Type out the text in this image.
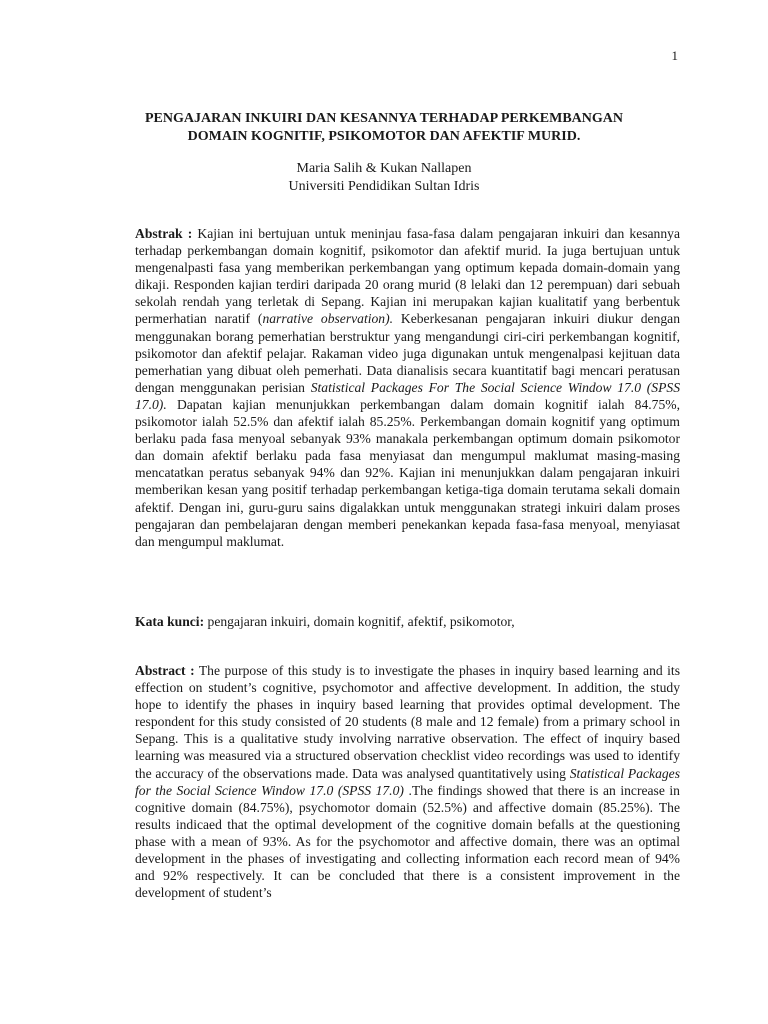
1
PENGAJARAN INKUIRI DAN KESANNYA TERHADAP PERKEMBANGAN
DOMAIN KOGNITIF, PSIKOMOTOR DAN AFEKTIF MURID.
Maria Salih & Kukan Nallapen
Universiti Pendidikan Sultan Idris
Abstrak : Kajian ini bertujuan untuk meninjau fasa-fasa dalam pengajaran inkuiri dan kesannya terhadap perkembangan domain kognitif, psikomotor dan afektif murid. Ia juga bertujuan untuk mengenalpasti fasa yang memberikan perkembangan yang optimum kepada domain-domain yang dikaji. Responden kajian terdiri daripada 20 orang murid (8 lelaki dan 12 perempuan) dari sebuah sekolah rendah yang terletak di Sepang. Kajian ini merupakan kajian kualitatif yang berbentuk permerhatian naratif (narrative observation). Keberkesanan pengajaran inkuiri diukur dengan menggunakan borang pemerhatian berstruktur yang mengandungi ciri-ciri perkembangan kognitif, psikomotor dan afektif pelajar. Rakaman video juga digunakan untuk mengenalpasi kejituan data pemerhatian yang dibuat oleh pemerhati. Data dianalisis secara kuantitatif bagi mencari peratusan dengan menggunakan perisian Statistical Packages For The Social Science Window 17.0 (SPSS 17.0). Dapatan kajian menunjukkan perkembangan dalam domain kognitif ialah 84.75%, psikomotor ialah 52.5% dan afektif ialah 85.25%. Perkembangan domain kognitif yang optimum berlaku pada fasa menyoal sebanyak 93% manakala perkembangan optimum domain psikomotor dan domain afektif berlaku pada fasa menyiasat dan mengumpul maklumat masing-masing mencatatkan peratus sebanyak 94% dan 92%. Kajian ini menunjukkan dalam pengajaran inkuiri memberikan kesan yang positif terhadap perkembangan ketiga-tiga domain terutama sekali domain afektif. Dengan ini, guru-guru sains digalakkan untuk menggunakan strategi inkuiri dalam proses pengajaran dan pembelajaran dengan memberi penekankan kepada fasa-fasa menyoal, menyiasat dan mengumpul maklumat.
Kata kunci: pengajaran inkuiri, domain kognitif, afektif, psikomotor,
Abstract : The purpose of this study is to investigate the phases in inquiry based learning and its effection on student’s cognitive, psychomotor and affective development. In addition, the study hope to identify the phases in inquiry based learning that provides optimal development. The respondent for this study consisted of 20 students (8 male and 12 female) from a primary school in Sepang. This is a qualitative study involving narrative observation. The effect of inquiry based learning was measured via a structured observation checklist video recordings was used to identify the accuracy of the observations made. Data was analysed quantitatively using Statistical Packages for the Social Science Window 17.0 (SPSS 17.0) .The findings showed that there is an increase in cognitive domain (84.75%), psychomotor domain (52.5%) and affective domain (85.25%). The results indicaed that the optimal development of the cognitive domain befalls at the questioning phase with a mean of 93%. As for the psychomotor and affective domain, there was an optimal development in the phases of investigating and collecting information each record mean of 94% and 92% respectively. It can be concluded that there is a consistent improvement in the development of student’s
